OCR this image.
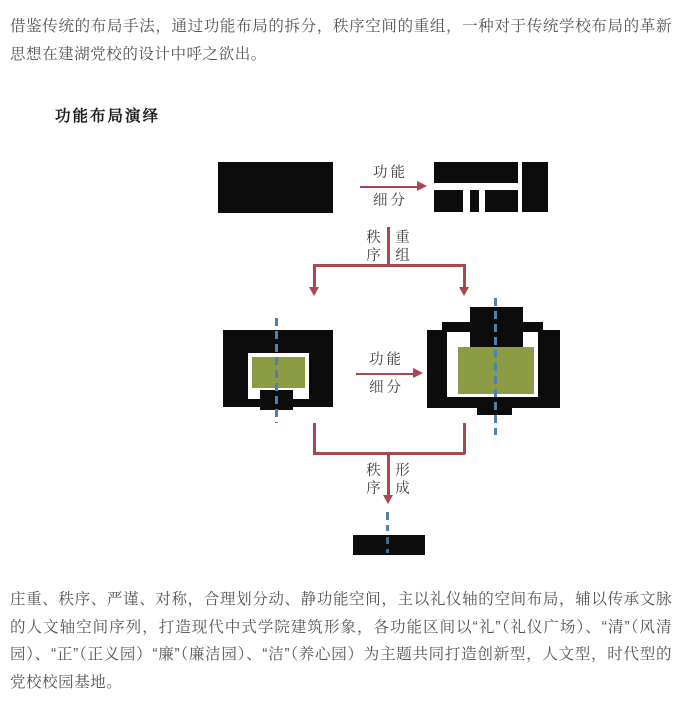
借鉴传统的布局手法，通过功能布局的拆分，秩序空间的重组，一种对于传统学校布局的革新思想在建湖党校的设计中呼之欲出。

功能布局演绎
功能
细分
秩序
重组
功能
细分
秩序
形成

庄重、秩序、严谨、对称，合理划分动、静功能空间，主以礼仪轴的空间布局，辅以传承文脉的人文轴空间序列，打造现代中式学院建筑形象，各功能区间以“礼”（礼仪广场）、“清”（风清园）、“正”（正义园）“廉”（廉洁园）、“洁”（养心园）为主题共同打造创新型，人文型，时代型的党校校园基地。
